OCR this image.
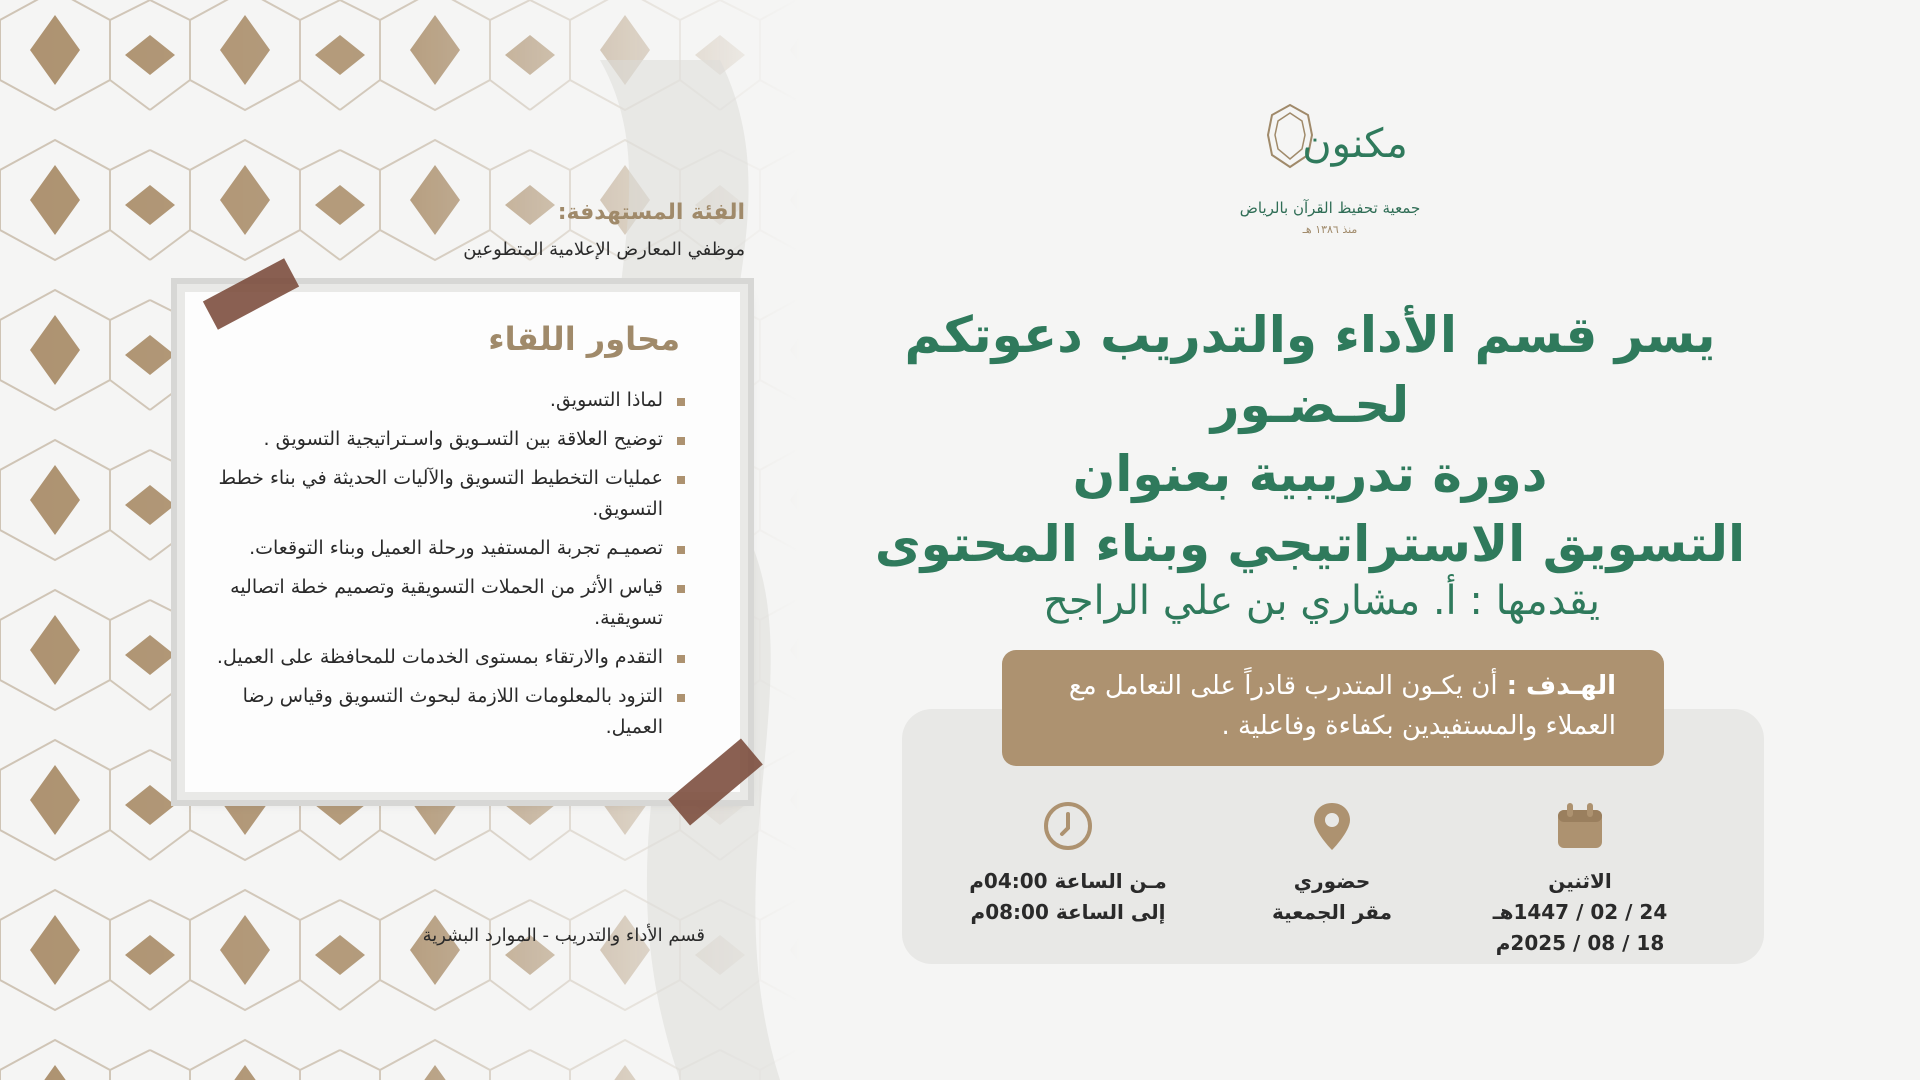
مكنون
جمعية تحفيظ القرآن بالرياض
منذ ١٣٨٦ هـ
يسر قسم الأداء والتدريب دعوتكم لحـضـور
دورة تدريبية بعنوان
التسويق الاستراتيجي وبناء المحتوى
يقدمها : أ. مشاري بن علي الراجح
الهـدف : أن يكـون المتدرب قادراً على التعامل مع العملاء والمستفيدين بكفاءة وفاعلية .
الاثنين
24 / 02 / 1447هـ
18 / 08 / 2025م
حضوري
مقر الجمعية
مـن الساعة 04:00م
إلى الساعة 08:00م
الفئة المستهدفة:
موظفي المعارض الإعلامية المتطوعين
محاور اللقاء
لماذا التسويق.
توضيح العلاقة بين التسـويق واسـتراتيجية التسويق .
عمليات التخطيط التسويق والآليات الحديثة في بناء خطط التسويق.
تصميـم تجربة المستفيد ورحلة العميل وبناء التوقعات.
قياس الأثر من الحملات التسويقية وتصميم خطة اتصاليه تسويقية.
التقدم والارتقاء بمستوى الخدمات للمحافظة على العميل.
التزود بالمعلومات اللازمة لبحوث التسويق وقياس رضا العميل.
قسم الأداء والتدريب - الموارد البشرية
